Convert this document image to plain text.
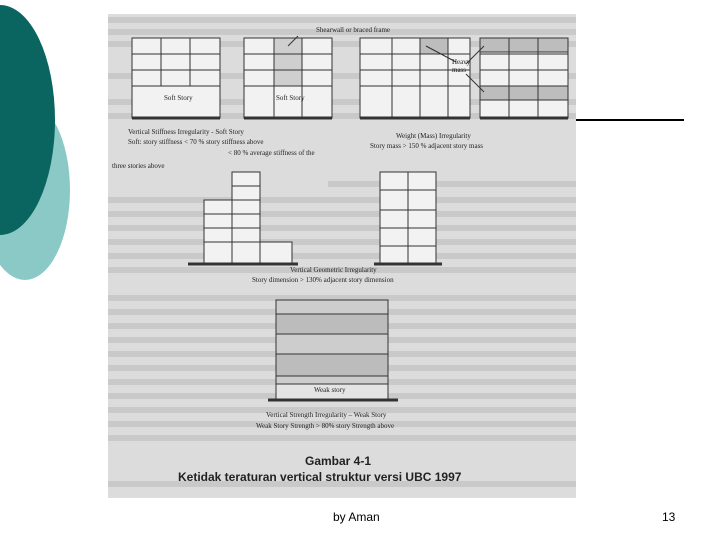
Soft Story	Soft Story
Vertical Stiffness Irregularity - Soft Story
Soft: story stiffness < 70 % story stiffness above
< 80 % average stiffness of the
three stories above
Shearwall or braced frame
Heavy mass
Weight (Mass) Irregularity
Story mass > 150 % adjacent story mass
Vertical Geometric Irregularity
Story dimension > 130% adjacent story dimension
Weak story
Vertical Strength Irregularity – Weak Story
Weak Story Strength > 80% story Strength above
Gambar 4-1
Ketidak teraturan vertical struktur versi UBC 1997
by Aman	13
